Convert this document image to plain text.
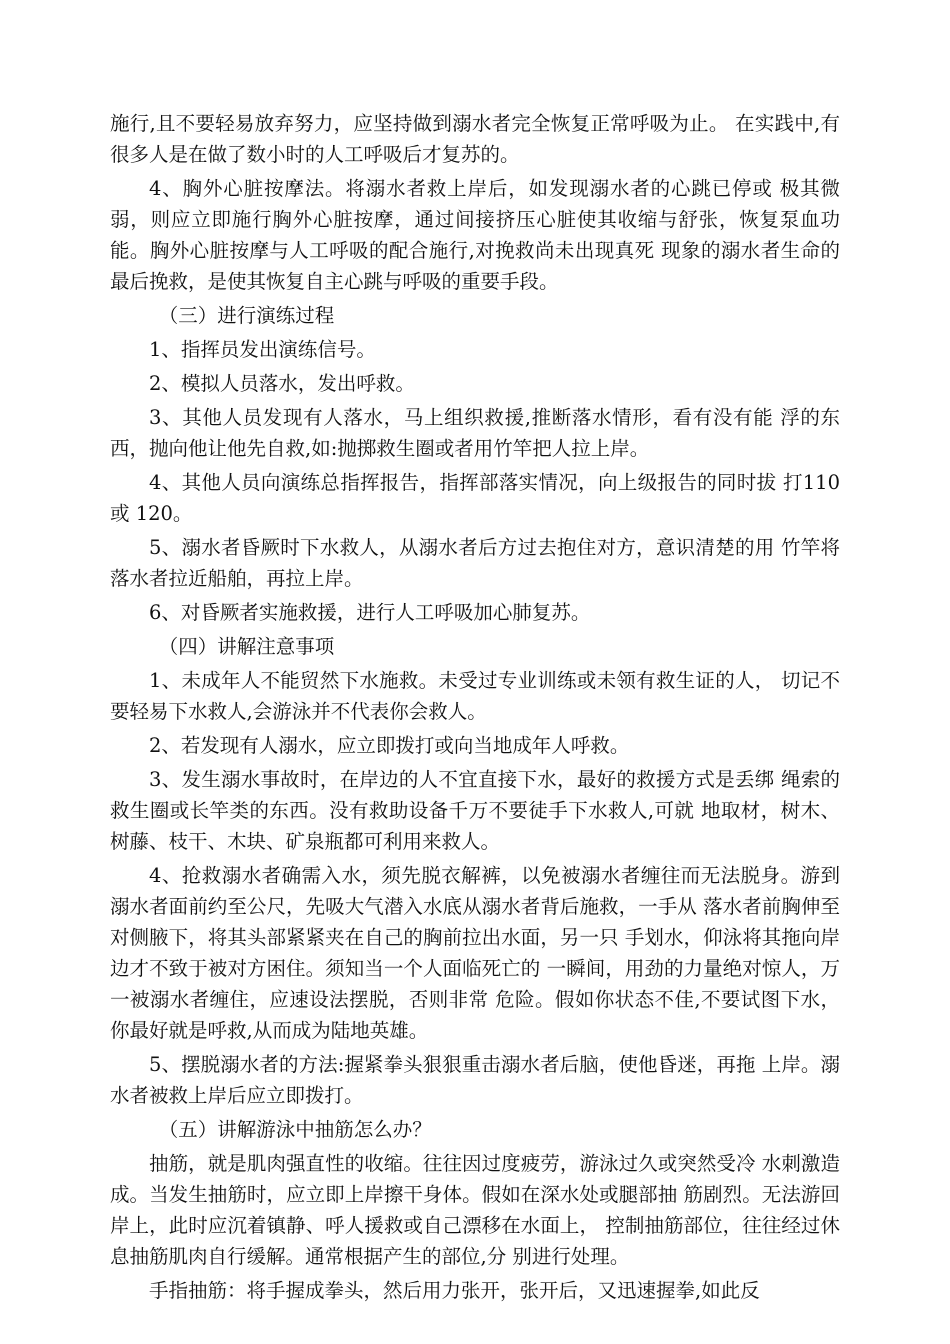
施行,且不要轻易放弃努力，应坚持做到溺水者完全恢复正常呼吸为止。 在实践中,有很多人是在做了数小时的人工呼吸后才复苏的。

4、胸外心脏按摩法。将溺水者救上岸后，如发现溺水者的心跳已停或 极其微弱，则应立即施行胸外心脏按摩，通过间接挤压心脏使其收缩与舒张，恢复泵血功能。胸外心脏按摩与人工呼吸的配合施行,对挽救尚未出现真死 现象的溺水者生命的最后挽救，是使其恢复自主心跳与呼吸的重要手段。

（三）进行演练过程

1、指挥员发出演练信号。

2、模拟人员落水，发出呼救。

3、其他人员发现有人落水，马上组织救援,推断落水情形，看有没有能 浮的东西，抛向他让他先自救,如:抛掷救生圈或者用竹竿把人拉上岸。

4、其他人员向演练总指挥报告，指挥部落实情况，向上级报告的同时拔 打110或 120。

5、溺水者昏厥时下水救人，从溺水者后方过去抱住对方，意识清楚的用 竹竿将落水者拉近船舶，再拉上岸。

6、对昏厥者实施救援，进行人工呼吸加心肺复苏。

（四）讲解注意事项

1、未成年人不能贸然下水施救。未受过专业训练或未领有救生证的人， 切记不要轻易下水救人,会游泳并不代表你会救人。

2、若发现有人溺水，应立即拨打或向当地成年人呼救。

3、发生溺水事故时，在岸边的人不宜直接下水，最好的救援方式是丢绑 绳索的救生圈或长竿类的东西。没有救助设备千万不要徒手下水救人,可就 地取材，树木、树藤、枝干、木块、矿泉瓶都可利用来救人。

4、抢救溺水者确需入水，须先脱衣解裤，以免被溺水者缠往而无法脱身。游到溺水者面前约至公尺，先吸大气潜入水底从溺水者背后施救，一手从 落水者前胸伸至对侧腋下，将其头部紧紧夹在自己的胸前拉出水面，另一只 手划水，仰泳将其拖向岸边才不致于被对方困住。须知当一个人面临死亡的 一瞬间，用劲的力量绝对惊人，万一被溺水者缠住，应速设法摆脱，否则非常 危险。假如你状态不佳,不要试图下水，你最好就是呼救,从而成为陆地英雄。

5、摆脱溺水者的方法:握紧拳头狠狠重击溺水者后脑，使他昏迷，再拖 上岸。溺水者被救上岸后应立即拨打。

（五）讲解游泳中抽筋怎么办？

抽筋，就是肌肉强直性的收缩。往往因过度疲劳，游泳过久或突然受冷 水刺激造成。当发生抽筋时，应立即上岸擦干身体。假如在深水处或腿部抽 筋剧烈。无法游回岸上，此时应沉着镇静、呼人援救或自己漂移在水面上， 控制抽筋部位，往往经过休息抽筋肌肉自行缓解。通常根据产生的部位,分 别进行处理。

手指抽筋：将手握成拳头，然后用力张开，张开后，又迅速握拳,如此反
